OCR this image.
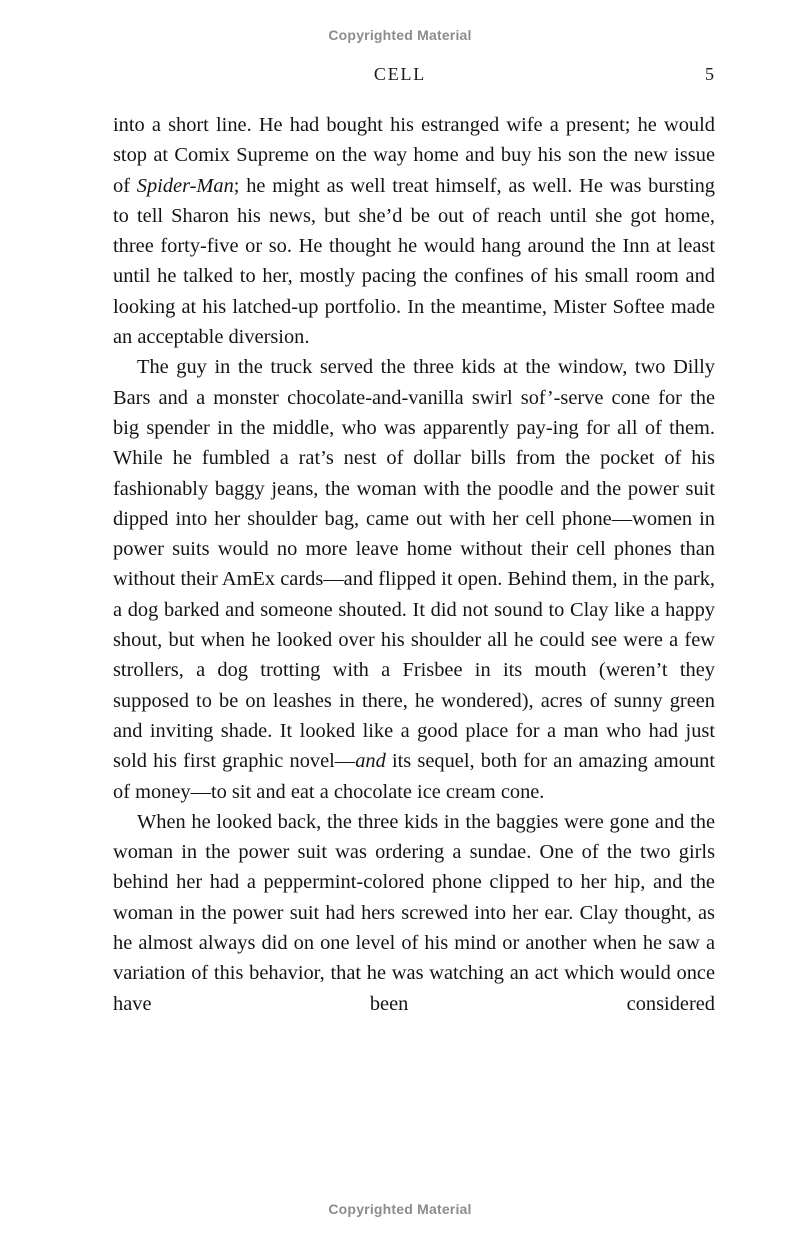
Copyrighted Material
CELL	5

into a short line. He had bought his estranged wife a present; he would stop at Comix Supreme on the way home and buy his son the new issue of Spider-Man; he might as well treat himself, as well. He was bursting to tell Sharon his news, but she’d be out of reach until she got home, three forty-five or so. He thought he would hang around the Inn at least until he talked to her, mostly pacing the confines of his small room and looking at his latched-up portfolio. In the meantime, Mister Softee made an acceptable diversion.

The guy in the truck served the three kids at the window, two Dilly Bars and a monster chocolate-and-vanilla swirl sof’-serve cone for the big spender in the middle, who was apparently pay-ing for all of them. While he fumbled a rat’s nest of dollar bills from the pocket of his fashionably baggy jeans, the woman with the poodle and the power suit dipped into her shoulder bag, came out with her cell phone—women in power suits would no more leave home without their cell phones than without their AmEx cards—and flipped it open. Behind them, in the park, a dog barked and someone shouted. It did not sound to Clay like a happy shout, but when he looked over his shoulder all he could see were a few strollers, a dog trotting with a Frisbee in its mouth (weren’t they supposed to be on leashes in there, he wondered), acres of sunny green and inviting shade. It looked like a good place for a man who had just sold his first graphic novel—and its sequel, both for an amazing amount of money—to sit and eat a chocolate ice cream cone.

When he looked back, the three kids in the baggies were gone and the woman in the power suit was ordering a sundae. One of the two girls behind her had a peppermint-colored phone clipped to her hip, and the woman in the power suit had hers screwed into her ear. Clay thought, as he almost always did on one level of his mind or another when he saw a variation of this behavior, that he was watching an act which would once have been considered

Copyrighted Material
